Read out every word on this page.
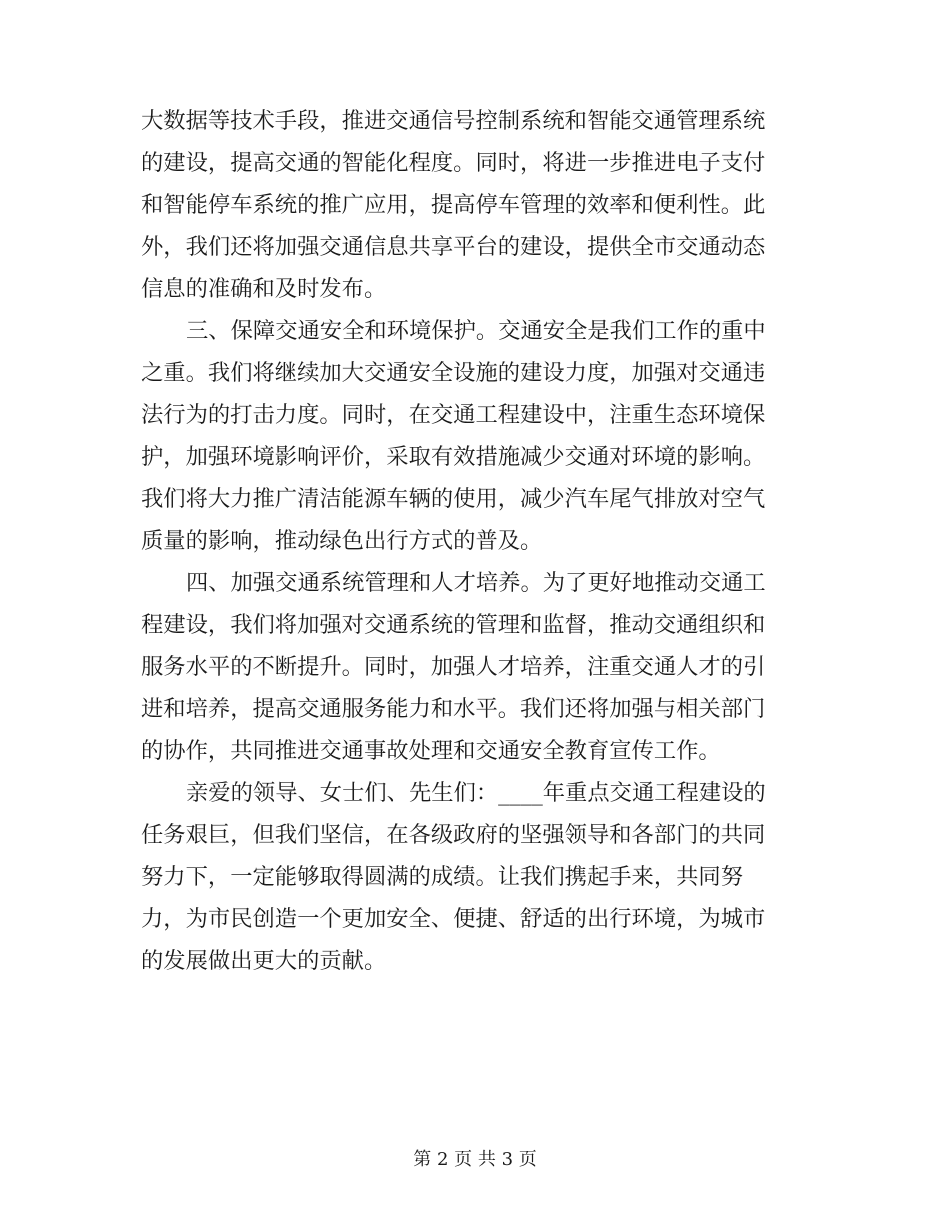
大数据等技术手段，推进交通信号控制系统和智能交通管理系统
的建设，提高交通的智能化程度。同时，将进一步推进电子支付
和智能停车系统的推广应用，提高停车管理的效率和便利性。此
外，我们还将加强交通信息共享平台的建设，提供全市交通动态
信息的准确和及时发布。

三、保障交通安全和环境保护。交通安全是我们工作的重中
之重。我们将继续加大交通安全设施的建设力度，加强对交通违
法行为的打击力度。同时，在交通工程建设中，注重生态环境保
护，加强环境影响评价，采取有效措施减少交通对环境的影响。
我们将大力推广清洁能源车辆的使用，减少汽车尾气排放对空气
质量的影响，推动绿色出行方式的普及。

四、加强交通系统管理和人才培养。为了更好地推动交通工
程建设，我们将加强对交通系统的管理和监督，推动交通组织和
服务水平的不断提升。同时，加强人才培养，注重交通人才的引
进和培养，提高交通服务能力和水平。我们还将加强与相关部门
的协作，共同推进交通事故处理和交通安全教育宣传工作。

亲爱的领导、女士们、先生们：____年重点交通工程建设的
任务艰巨，但我们坚信，在各级政府的坚强领导和各部门的共同
努力下，一定能够取得圆满的成绩。让我们携起手来，共同努
力，为市民创造一个更加安全、便捷、舒适的出行环境，为城市
的发展做出更大的贡献。

第 2 页 共 3 页
